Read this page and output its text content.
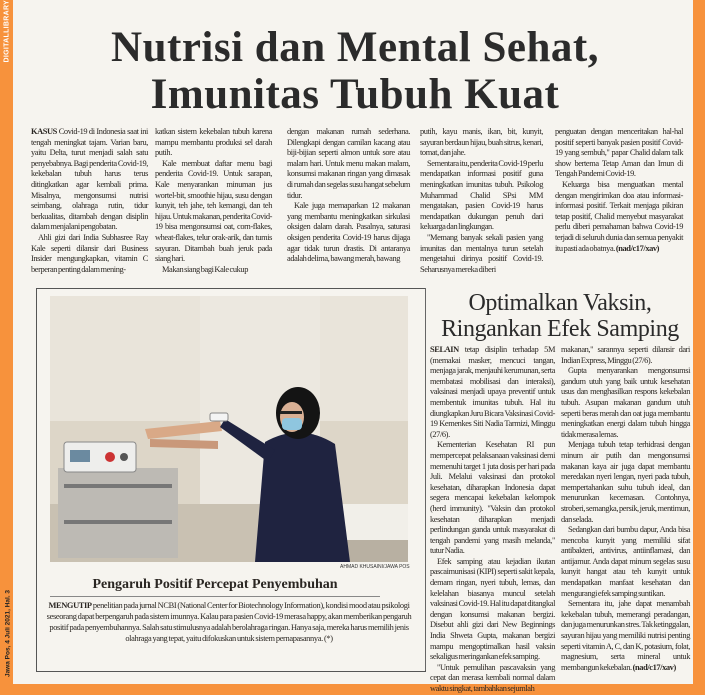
DIGITALLIBRARY
Jawa Pos, 4 Juli 2021, Hal. 3
Nutrisi dan Mental Sehat,
Imunitas Tubuh Kuat

KASUS Covid-19 di Indonesia saat ini tengah meningkat tajam. Varian baru, yaitu Delta, turut menjadi salah satu penyebabnya. Bagi penderita Covid-19, kekebalan tubuh harus terus ditingkatkan agar kembali prima. Misalnya, mengonsumsi nutrisi seimbang, olahraga rutin, tidur berkualitas, ditambah dengan disiplin dalam menjalani pengobatan.

Ahli gizi dari India Subhasree Ray Kale seperti dilansir dari Business Insider mengungkapkan, vitamin C berperan penting dalam mening-

katkan sistem kekebalan tubuh karena mampu membantu produksi sel darah putih.

Kale membuat daftar menu bagi penderita Covid-19. Untuk sarapan, Kale menyarankan minuman jus wortel-bit, smoothie hijau, susu dengan kunyit, teh jahe, teh kemangi, dan teh hijau. Untuk makanan, penderita Covid-19 bisa mengonsumsi oat, corn-flakes, wheat-flakes, telur orak-arik, dan tumis sayuran. Ditambah buah jeruk pada siang hari.

Makan siang bagi Kale cukup

dengan makanan rumah sederhana. Dilengkapi dengan camilan kacang atau biji-bijian seperti almon untuk sore atau malam hari. Untuk menu makan malam, konsumsi makanan ringan yang dimasak di rumah dan segelas susu hangat sebelum tidur.

Kale juga memaparkan 12 makanan yang membantu meningkatkan sirkulasi oksigen dalam darah. Pasalnya, saturasi oksigen penderita Covid-19 harus dijaga agar tidak turun drastis. Di antaranya adalah delima, bawang merah, bawang

putih, kayu manis, ikan, bit, kunyit, sayuran berdaun hijau, buah sitrus, kenari, tomat, dan jahe.

Sementara itu, penderita Covid-19 perlu mendapatkan informasi positif guna meningkatkan imunitas tubuh. Psikolog Muhammad Chalid SPsi MM mengatakan, pasien Covid-19 harus mendapatkan dukungan penuh dari keluarga dan lingkungan.

"Memang banyak sekali pasien yang imunitas dan mentalnya turun setelah mengetahui dirinya positif Covid-19. Seharusnya mereka diberi

penguatan dengan menceritakan hal-hal positif seperti banyak pasien positif Covid-19 yang sembuh," papar Chalid dalam talk show bertema Tetap Aman dan Imun di Tengah Pandemi Covid-19.

Keluarga bisa menguatkan mental dengan mengirimkan doa atau informasi-informasi positif. Terkait menjaga pikiran tetap positif, Chalid menyebut masyarakat perlu diberi pemahaman bahwa Covid-19 terjadi di seluruh dunia dan semua penyakit itu pasti ada obatnya. (nad/c17/xav)

AHMAD KHUSAINI/JAWA POS
Pengaruh Positif Percepat Penyembuhan
MENGUTIP penelitian pada jurnal NCBI (National Center for Biotechnology Information), kondisi mood atau psikologi seseorang dapat berpengaruh pada sistem imunnya. Kalau para pasien Covid-19 merasa happy, akan memberikan pengaruh positif pada penyembuhannya. Salah satu stimulusnya adalah berolahraga ringan. Hanya saja, mereka harus memilih jenis olahraga yang tepat, yaitu difokuskan untuk sistem pernapasannya. (*)
Optimalkan Vaksin,
Ringankan Efek Samping

SELAIN tetap disiplin terhadap 5M (memakai masker, mencuci tangan, menjaga jarak, menjauhi kerumunan, serta membatasi mobilisasi dan interaksi), vaksinasi menjadi upaya preventif untuk membentuk imunitas tubuh. Hal itu diungkapkan Juru Bicara Vaksinasi Covid-19 Kemenkes Siti Nadia Tarmizi, Minggu (27/6).

Kementerian Kesehatan RI pun mempercepat pelaksanaan vaksinasi demi memenuhi target 1 juta dosis per hari pada Juli. Melalui vaksinasi dan protokol kesehatan, diharapkan Indonesia dapat segera mencapai kekebalan kelompok (herd immunity). "Vaksin dan protokol kesehatan diharapkan menjadi perlindungan ganda untuk masyarakat di tengah pandemi yang masih melanda," tutur Nadia.

Efek samping atau kejadian ikutan pascaimunisasi (KIPI) seperti sakit kepala, demam ringan, nyeri tubuh, lemas, dan kelelahan biasanya muncul setelah vaksinasi Covid-19. Hal itu dapat ditangkal dengan konsumsi makanan bergizi. Disebut ahli gizi dari New Beginnings India Shweta Gupta, makanan bergizi mampu mengoptimalkan hasil vaksin sekaligus meringankan efek samping.

"Untuk pemulihan pascavaksin yang cepat dan merasa kembali normal dalam waktu singkat, tambahkan sejumlah

makanan," sarannya seperti dilansir dari Indian Express, Minggu (27/6).

Gupta menyarankan mengonsumsi gandum utuh yang baik untuk kesehatan usus dan menghasilkan respons kekebalan tubuh. Asupan makanan gandum utuh seperti beras merah dan oat juga membantu meningkatkan energi dalam tubuh hingga tidak merasa lemas.

Menjaga tubuh tetap terhidrasi dengan minum air putih dan mengonsumsi makanan kaya air juga dapat membantu meredakan nyeri lengan, nyeri pada tubuh, mempertahankan suhu tubuh ideal, dan menurunkan kecemasan. Contohnya, stroberi, semangka, persik, jeruk, mentimun, dan selada.

Sedangkan dari bumbu dapur, Anda bisa mencoba kunyit yang memiliki sifat antibakteri, antivirus, antiinflamasi, dan antijamur. Anda dapat minum segelas susu kunyit hangat atau teh kunyit untuk mendapatkan manfaat kesehatan dan mengurangi efek samping suntikan.

Sementara itu, jahe dapat menambah kekebalan tubuh, memerangi peradangan, dan juga menurunkan stres. Tak ketinggalan, sayuran hijau yang memiliki nutrisi penting seperti vitamin A, C, dan K, potasium, folat, magnesium, serta mineral untuk membangun kekebalan. (nad/c17/xav)
